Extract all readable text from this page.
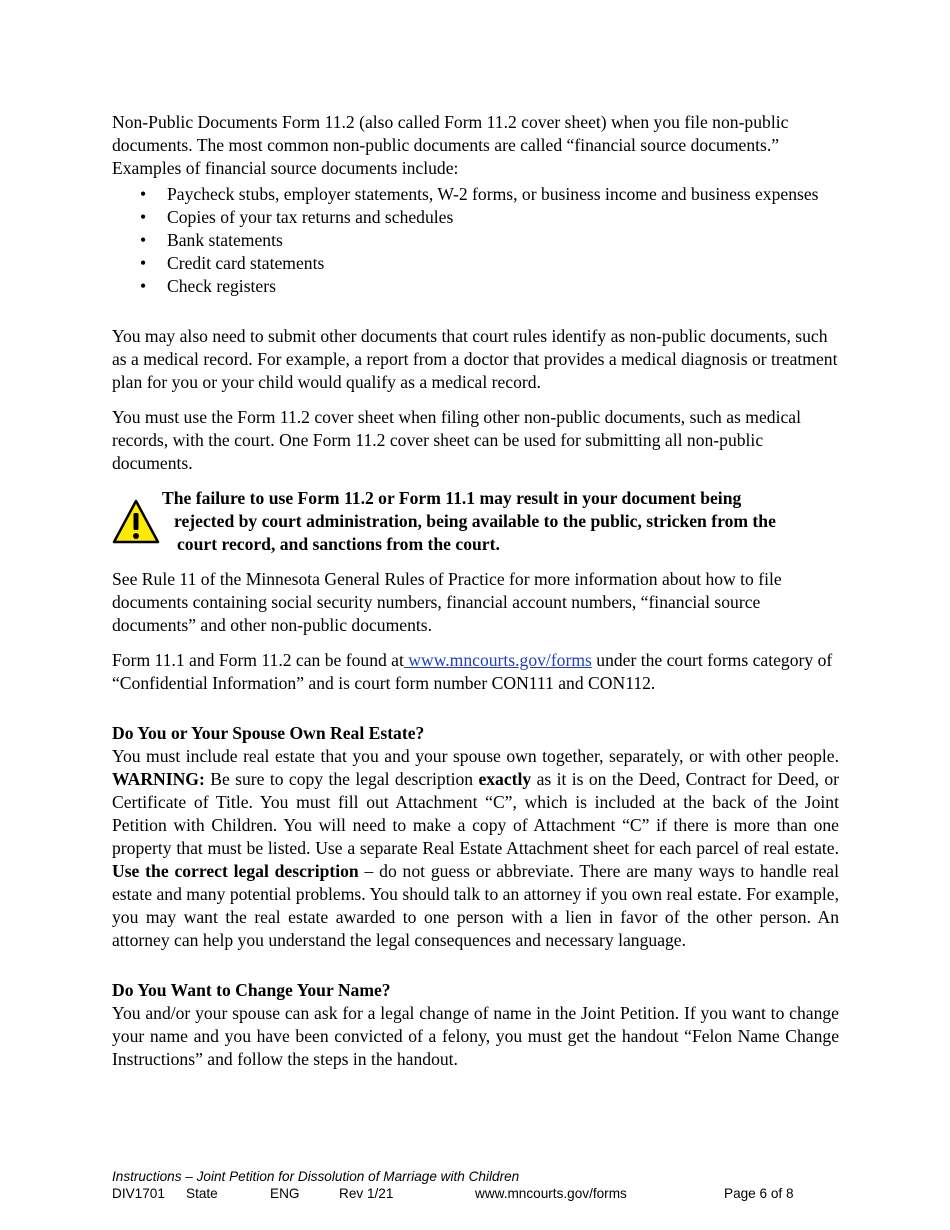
Non-Public Documents Form 11.2 (also called Form 11.2 cover sheet) when you file non-public documents. The most common non-public documents are called “financial source documents.” Examples of financial source documents include:

• Paycheck stubs, employer statements, W-2 forms, or business income and business expenses
• Copies of your tax returns and schedules
• Bank statements
• Credit card statements
• Check registers

You may also need to submit other documents that court rules identify as non-public documents, such as a medical record. For example, a report from a doctor that provides a medical diagnosis or treatment plan for you or your child would qualify as a medical record.

You must use the Form 11.2 cover sheet when filing other non-public documents, such as medical records, with the court. One Form 11.2 cover sheet can be used for submitting all non-public documents.

The failure to use Form 11.2 or Form 11.1 may result in your document being
rejected by court administration, being available to the public, stricken from the
court record, and sanctions from the court.

See Rule 11 of the Minnesota General Rules of Practice for more information about how to file documents containing social security numbers, financial account numbers, “financial source documents” and other non-public documents.

Form 11.1 and Form 11.2 can be found at www.mncourts.gov/forms under the court forms category of “Confidential Information” and is court form number CON111 and CON112.

Do You or Your Spouse Own Real Estate?

You must include real estate that you and your spouse own together, separately, or with other people. WARNING: Be sure to copy the legal description exactly as it is on the Deed, Contract for Deed, or Certificate of Title. You must fill out Attachment “C”, which is included at the back of the Joint Petition with Children. You will need to make a copy of Attachment “C” if there is more than one property that must be listed. Use a separate Real Estate Attachment sheet for each parcel of real estate. Use the correct legal description – do not guess or abbreviate. There are many ways to handle real estate and many potential problems. You should talk to an attorney if you own real estate. For example, you may want the real estate awarded to one person with a lien in favor of the other person. An attorney can help you understand the legal consequences and necessary language.

Do You Want to Change Your Name?

You and/or your spouse can ask for a legal change of name in the Joint Petition. If you want to change your name and you have been convicted of a felony, you must get the handout “Felon Name Change Instructions” and follow the steps in the handout.

Instructions – Joint Petition for Dissolution of Marriage with Children
DIV1701 State	ENG	Rev 1/21	www.mncourts.gov/forms	Page 6 of 8
